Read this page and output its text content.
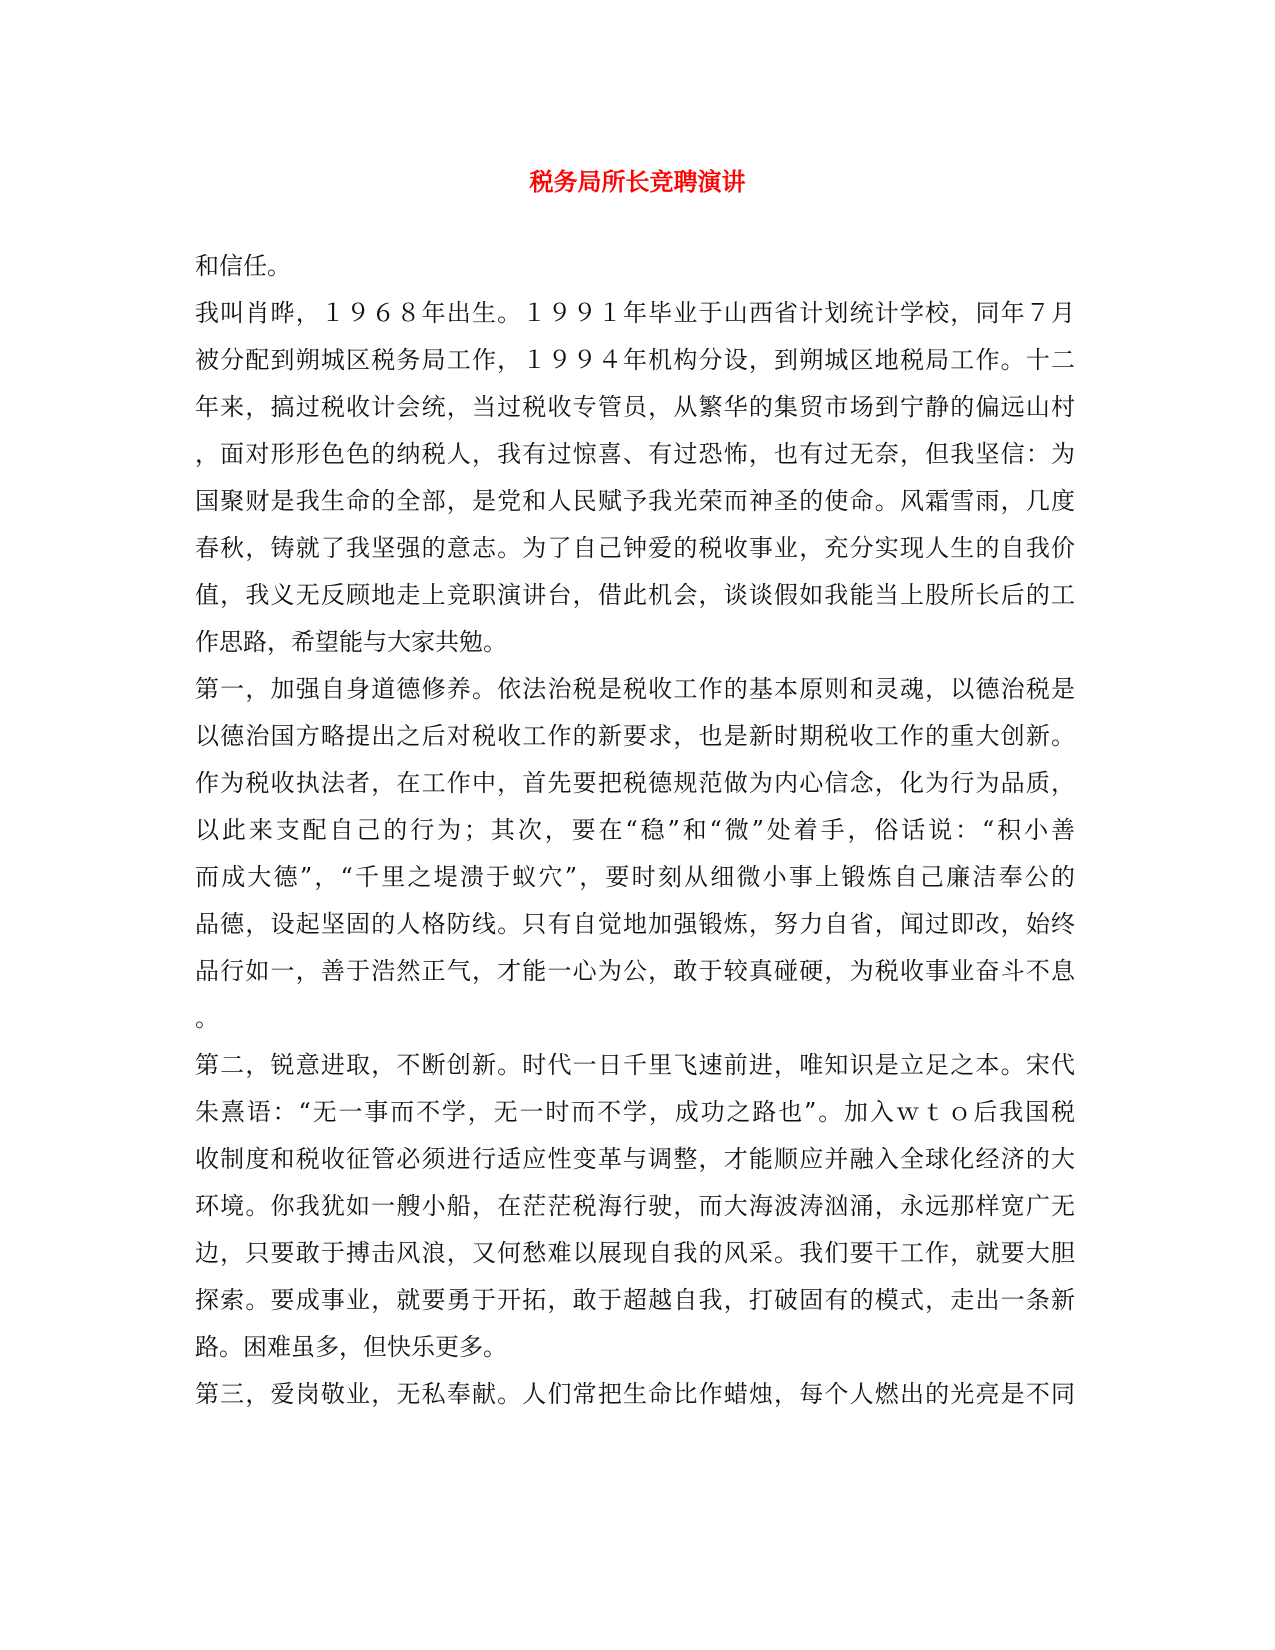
税务局所长竞聘演讲
和信任。
我叫肖晔，１９６８年出生。１９９１年毕业于山西省计划统计学校，同年７月
被分配到朔城区税务局工作，１９９４年机构分设，到朔城区地税局工作。十二
年来，搞过税收计会统，当过税收专管员，从繁华的集贸市场到宁静的偏远山村
，面对形形色色的纳税人，我有过惊喜、有过恐怖，也有过无奈，但我坚信：为
国聚财是我生命的全部，是党和人民赋予我光荣而神圣的使命。风霜雪雨，几度
春秋，铸就了我坚强的意志。为了自己钟爱的税收事业，充分实现人生的自我价
值，我义无反顾地走上竞职演讲台，借此机会，谈谈假如我能当上股所长后的工
作思路，希望能与大家共勉。
第一，加强自身道德修养。依法治税是税收工作的基本原则和灵魂，以德治税是
以德治国方略提出之后对税收工作的新要求，也是新时期税收工作的重大创新。
作为税收执法者，在工作中，首先要把税德规范做为内心信念，化为行为品质，
以此来支配自己的行为；其次，要在“稳”和“微”处着手，俗话说：“积小善
而成大德”，“千里之堤溃于蚁穴”，要时刻从细微小事上锻炼自己廉洁奉公的
品德，设起坚固的人格防线。只有自觉地加强锻炼，努力自省，闻过即改，始终
品行如一，善于浩然正气，才能一心为公，敢于较真碰硬，为税收事业奋斗不息
。
第二，锐意进取，不断创新。时代一日千里飞速前进，唯知识是立足之本。宋代
朱熹语：“无一事而不学，无一时而不学，成功之路也”。加入ｗｔｏ后我国税
收制度和税收征管必须进行适应性变革与调整，才能顺应并融入全球化经济的大
环境。你我犹如一艘小船，在茫茫税海行驶，而大海波涛汹涌，永远那样宽广无
边，只要敢于搏击风浪，又何愁难以展现自我的风采。我们要干工作，就要大胆
探索。要成事业，就要勇于开拓，敢于超越自我，打破固有的模式，走出一条新
路。困难虽多，但快乐更多。
第三，爱岗敬业，无私奉献。人们常把生命比作蜡烛，每个人燃出的光亮是不同
